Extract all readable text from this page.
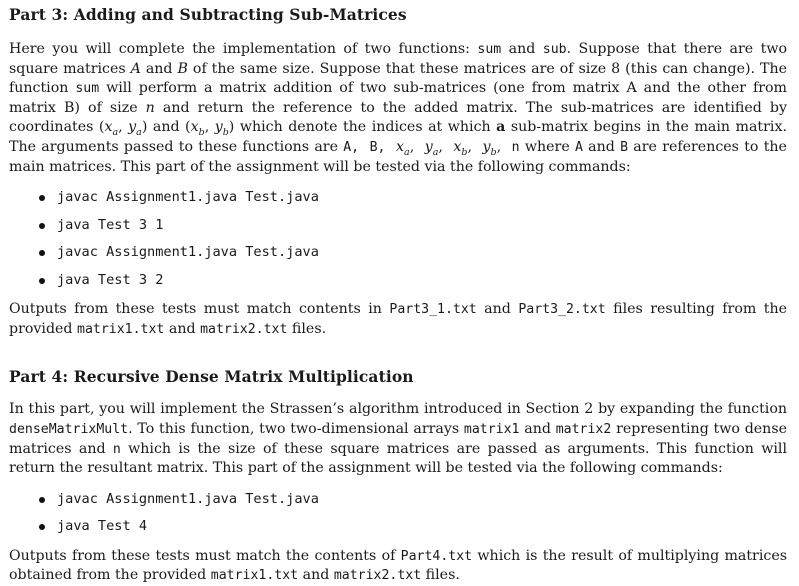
Part 3: Adding and Subtracting Sub-Matrices

Here you will complete the implementation of two functions: sum and sub. Suppose that there are two square matrices A and B of the same size. Suppose that these matrices are of size 8 (this can change). The function sum will perform a matrix addition of two sub-matrices (one from matrix A and the other from matrix B) of size n and return the reference to the added matrix. The sub-matrices are identified by coordinates ($x_a$, $y_a$) and ($x_b$, $y_b$) which denote the indices at which a sub-matrix begins in the main matrix. The arguments passed to these functions are A, B, $x_a$, $y_a$, $x_b$, $y_b$, n where A and B are references to the main matrices. This part of the assignment will be tested via the following commands:

javac Assignment1.java Test.java
java Test 3 1
javac Assignment1.java Test.java
java Test 3 2

Outputs from these tests must match contents in Part3_1.txt and Part3_2.txt files resulting from the provided matrix1.txt and matrix2.txt files.

Part 4: Recursive Dense Matrix Multiplication

In this part, you will implement the Strassen’s algorithm introduced in Section 2 by expanding the function denseMatrixMult. To this function, two two-dimensional arrays matrix1 and matrix2 representing two dense matrices and n which is the size of these square matrices are passed as arguments. This function will return the resultant matrix. This part of the assignment will be tested via the following commands:

javac Assignment1.java Test.java
java Test 4

Outputs from these tests must match the contents of Part4.txt which is the result of multiplying matrices obtained from the provided matrix1.txt and matrix2.txt files.
